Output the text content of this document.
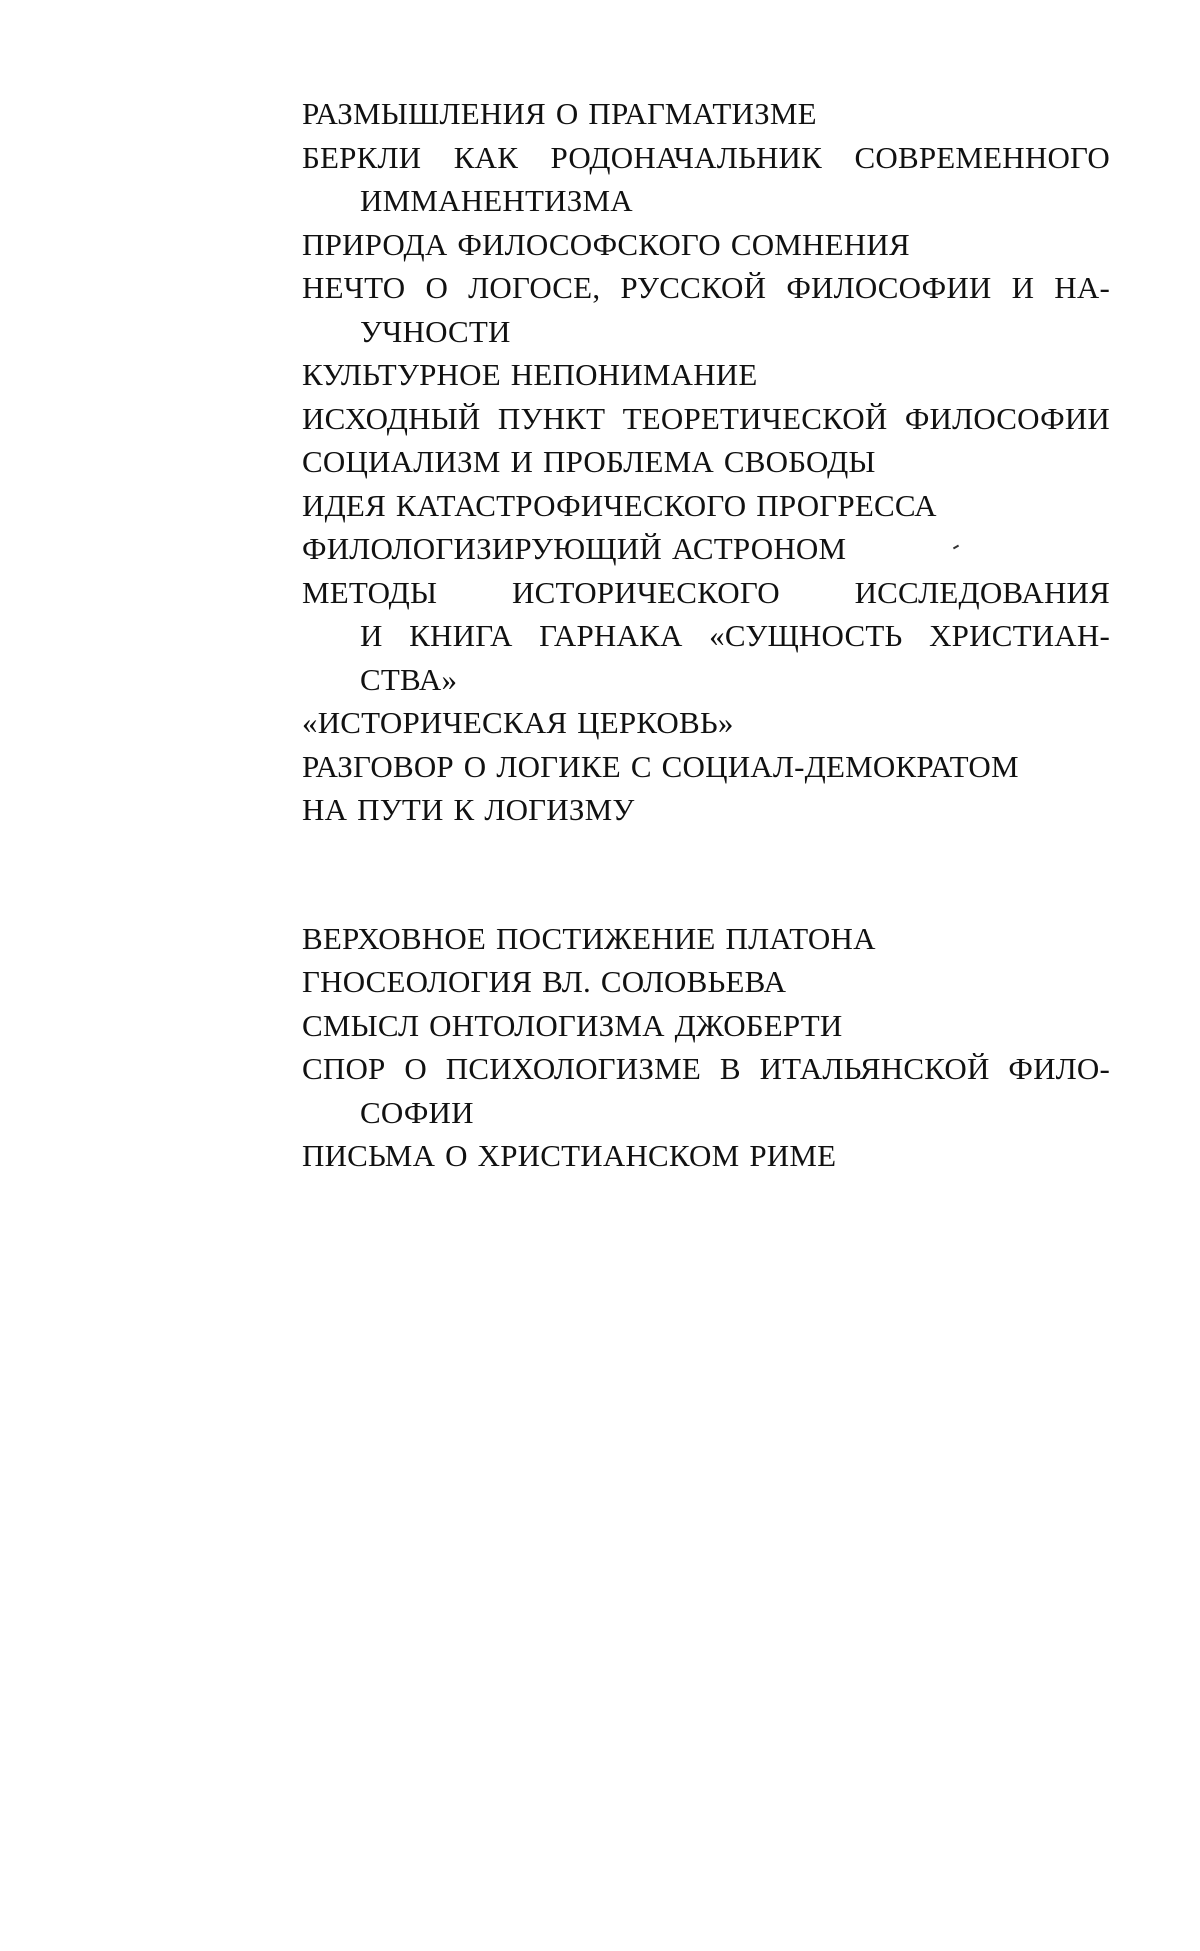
РАЗМЫШЛЕНИЯ О ПРАГМАТИЗМЕ
БЕРКЛИ КАК РОДОНАЧАЛЬНИК СОВРЕМЕННОГО
ИММАНЕНТИЗМА
ПРИРОДА ФИЛОСОФСКОГО СОМНЕНИЯ
НЕЧТО О ЛОГОСЕ, РУССКОЙ ФИЛОСОФИИ И НА-
УЧНОСТИ
КУЛЬТУРНОЕ НЕПОНИМАНИЕ
ИСХОДНЫЙ ПУНКТ ТЕОРЕТИЧЕСКОЙ ФИЛОСОФИИ
СОЦИАЛИЗМ И ПРОБЛЕМА СВОБОДЫ
ИДЕЯ КАТАСТРОФИЧЕСКОГО ПРОГРЕССА
ФИЛОЛОГИЗИРУЮЩИЙ АСТРОНОМ
МЕТОДЫ ИСТОРИЧЕСКОГО ИССЛЕДОВАНИЯ
И КНИГА ГАРНАКА «СУЩНОСТЬ ХРИСТИАН-
СТВА»
«ИСТОРИЧЕСКАЯ ЦЕРКОВЬ»
РАЗГОВОР О ЛОГИКЕ С СОЦИАЛ-ДЕМОКРАТОМ
НА ПУТИ К ЛОГИЗМУ
ВЕРХОВНОЕ ПОСТИЖЕНИЕ ПЛАТОНА
ГНОСЕОЛОГИЯ ВЛ. СОЛОВЬЕВА
СМЫСЛ ОНТОЛОГИЗМА ДЖОБЕРТИ
СПОР О ПСИХОЛОГИЗМЕ В ИТАЛЬЯНСКОЙ ФИЛО-
СОФИИ
ПИСЬМА О ХРИСТИАНСКОМ РИМЕ
